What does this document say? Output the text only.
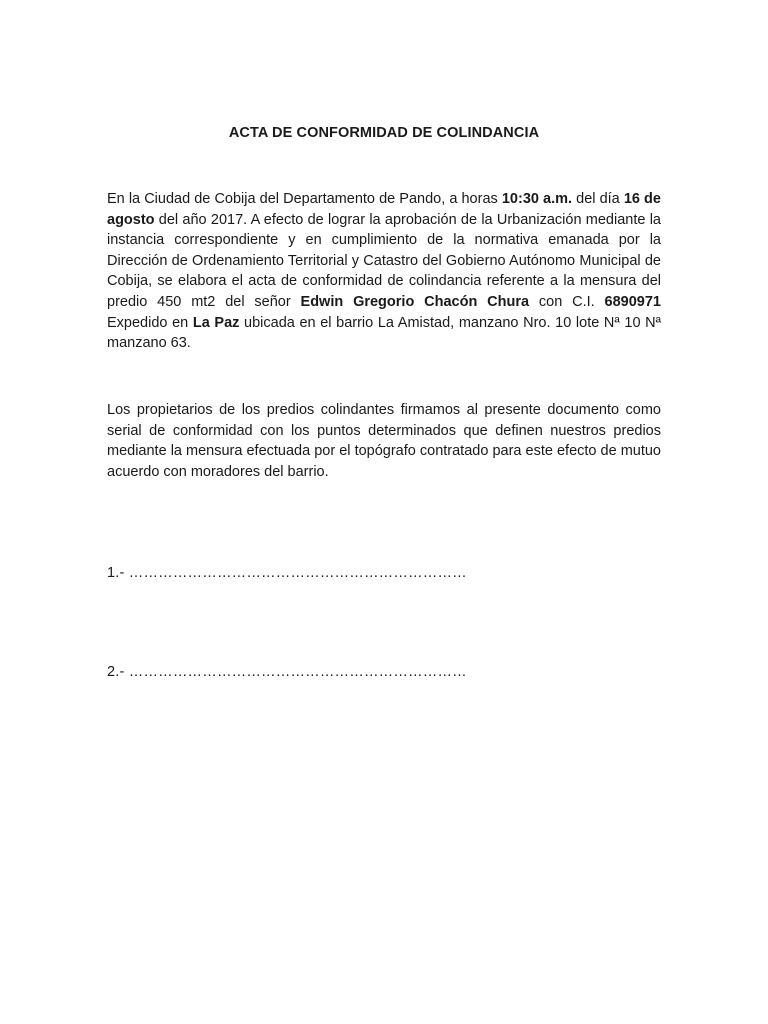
ACTA DE CONFORMIDAD DE COLINDANCIA
En la Ciudad de Cobija del Departamento de Pando, a horas 10:30 a.m. del día 16 de agosto del año 2017. A efecto de lograr la aprobación de la Urbanización mediante la instancia correspondiente y en cumplimiento de la normativa emanada por la Dirección de Ordenamiento Territorial y Catastro del Gobierno Autónomo Municipal de Cobija, se elabora el acta de conformidad de colindancia referente a la mensura del predio 450 mt2 del señor Edwin Gregorio Chacón Chura con C.I. 6890971 Expedido en La Paz ubicada en el barrio La Amistad, manzano Nro. 10 lote Nª 10 Nª manzano 63.
Los propietarios de los predios colindantes firmamos al presente documento como serial de conformidad con los puntos determinados que definen nuestros predios mediante la mensura efectuada por el topógrafo contratado para este efecto de mutuo acuerdo con moradores del barrio.
1.- ……………………………………………………………
2.- ……………………………………………………………
